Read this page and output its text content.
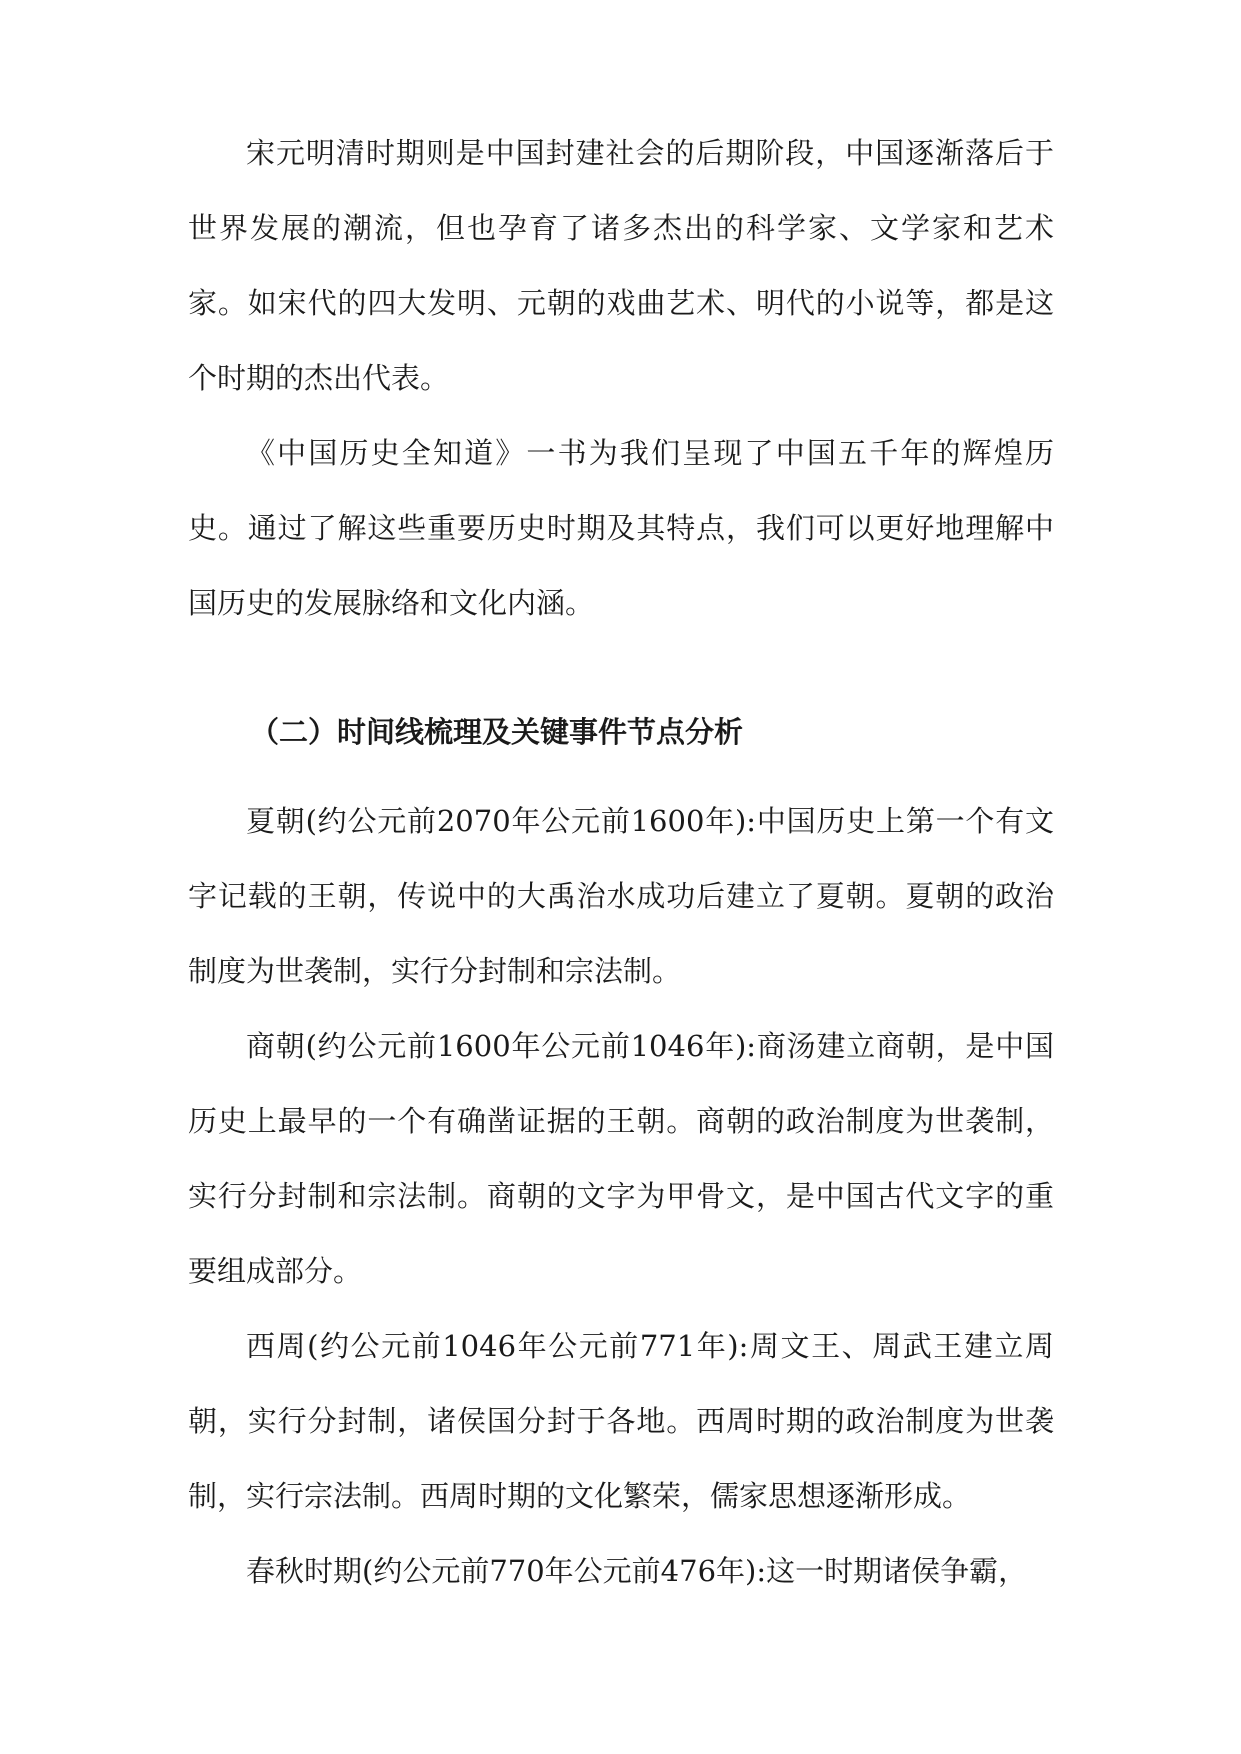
宋元明清时期则是中国封建社会的后期阶段，中国逐渐落后于世界发展的潮流，但也孕育了诸多杰出的科学家、文学家和艺术家。如宋代的四大发明、元朝的戏曲艺术、明代的小说等，都是这个时期的杰出代表。

《中国历史全知道》一书为我们呈现了中国五千年的辉煌历史。通过了解这些重要历史时期及其特点，我们可以更好地理解中国历史的发展脉络和文化内涵。

（二）时间线梳理及关键事件节点分析

夏朝(约公元前2070年公元前1600年):中国历史上第一个有文字记载的王朝，传说中的大禹治水成功后建立了夏朝。夏朝的政治制度为世袭制，实行分封制和宗法制。

商朝(约公元前1600年公元前1046年):商汤建立商朝，是中国历史上最早的一个有确凿证据的王朝。商朝的政治制度为世袭制，实行分封制和宗法制。商朝的文字为甲骨文，是中国古代文字的重要组成部分。

西周(约公元前1046年公元前771年):周文王、周武王建立周朝，实行分封制，诸侯国分封于各地。西周时期的政治制度为世袭制，实行宗法制。西周时期的文化繁荣，儒家思想逐渐形成。

春秋时期(约公元前770年公元前476年):这一时期诸侯争霸，
